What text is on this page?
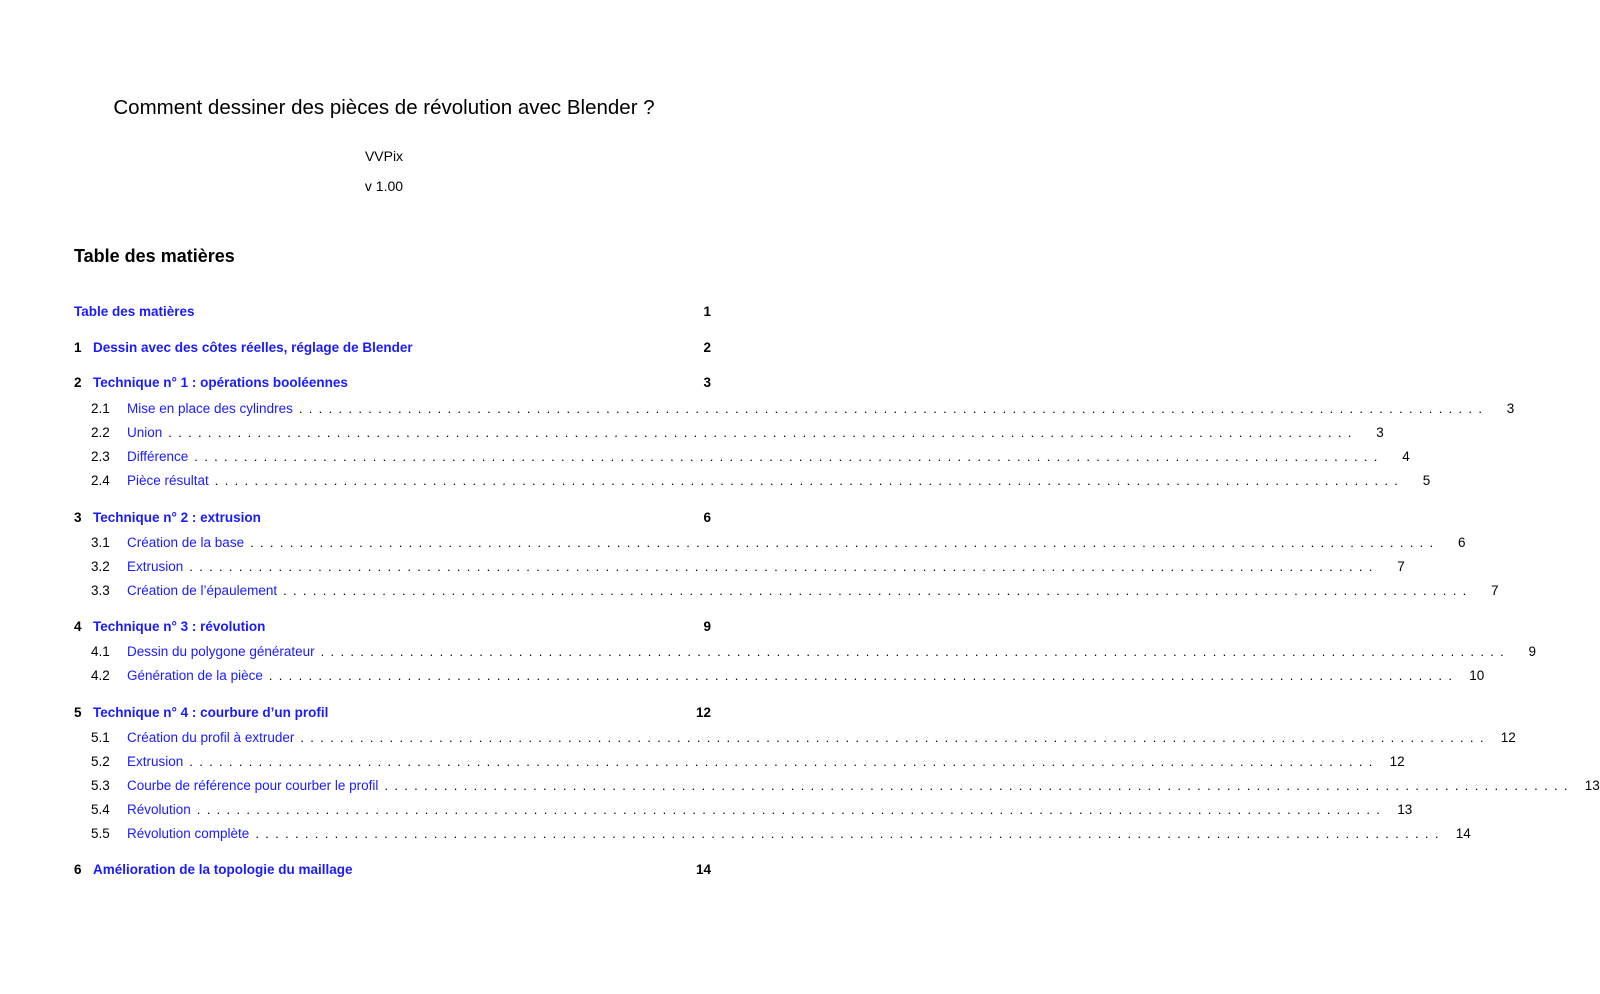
Comment dessiner des pièces de révolution avec Blender ?
VVPix
v 1.00
Table des matières
Table des matières	1
1 Dessin avec des côtes réelles, réglage de Blender	2
2 Technique n° 1 : opérations booléennes	3
2.1	Mise en place des cylindres ........................................................................................................................	3
2.2	Union ........................................................................................................................	3
2.3	Différence ........................................................................................................................	4
2.4	Pièce résultat ........................................................................................................................	5
3 Technique n° 2 : extrusion	6
3.1	Création de la base ........................................................................................................................	6
3.2	Extrusion ........................................................................................................................	7
3.3	Création de l’épaulement ........................................................................................................................	7
4 Technique n° 3 : révolution	9
4.1	Dessin du polygone générateur ........................................................................................................................	9
4.2	Génération de la pièce ........................................................................................................................ 10
5 Technique n° 4 : courbure d’un profil	12
5.1	Création du profil à extruder ........................................................................................................................ 12
5.2	Extrusion ........................................................................................................................ 12
5.3	Courbe de référence pour courber le profil ........................................................................................................................ 13
5.4	Révolution ........................................................................................................................ 13
5.5	Révolution complète ........................................................................................................................ 14
6 Amélioration de la topologie du maillage	14
